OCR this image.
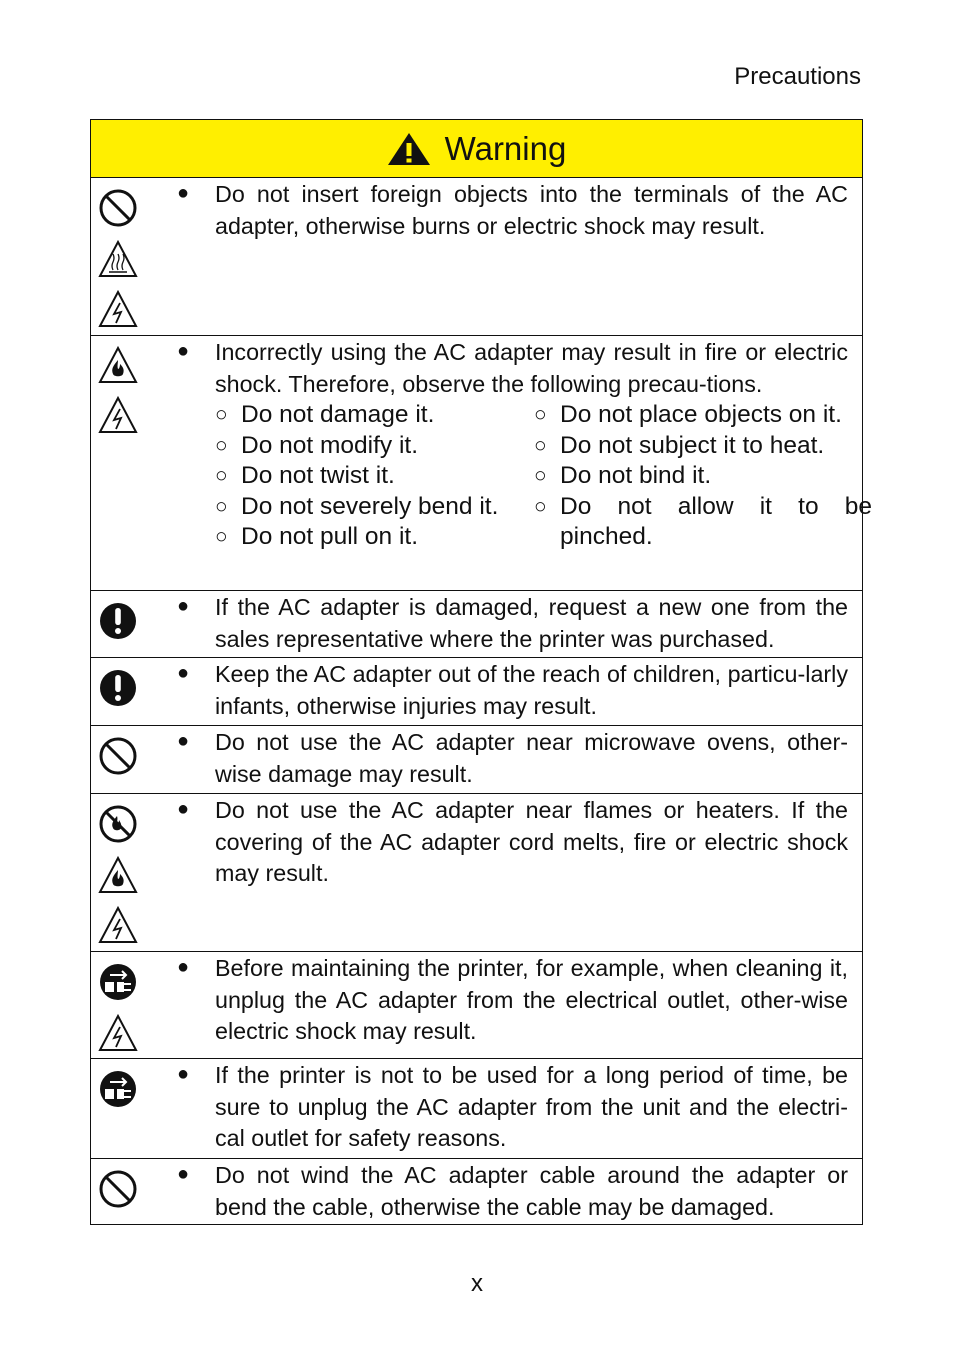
Precautions
Warning
● Do not insert foreign objects into the terminals of the AC adapter, otherwise burns or electric shock may result.
● Incorrectly using the AC adapter may result in fire or electric shock. Therefore, observe the following precau-tions.
○ Do not damage it.
○ Do not modify it.
○ Do not twist it.
○ Do not severely bend it.
○ Do not pull on it.
○ Do not place objects on it.
○ Do not subject it to heat.
○ Do not bind it.
○ Do not allow it to be pinched.
● If the AC adapter is damaged, request a new one from the sales representative where the printer was purchased.
● Keep the AC adapter out of the reach of children, particu-larly infants, otherwise injuries may result.
● Do not use the AC adapter near microwave ovens, other-wise damage may result.
● Do not use the AC adapter near flames or heaters. If the covering of the AC adapter cord melts, fire or electric shock may result.
● Before maintaining the printer, for example, when cleaning it, unplug the AC adapter from the electrical outlet, other-wise electric shock may result.
● If the printer is not to be used for a long period of time, be sure to unplug the AC adapter from the unit and the electri-cal outlet for safety reasons.
● Do not wind the AC adapter cable around the adapter or bend the cable, otherwise the cable may be damaged.
x
